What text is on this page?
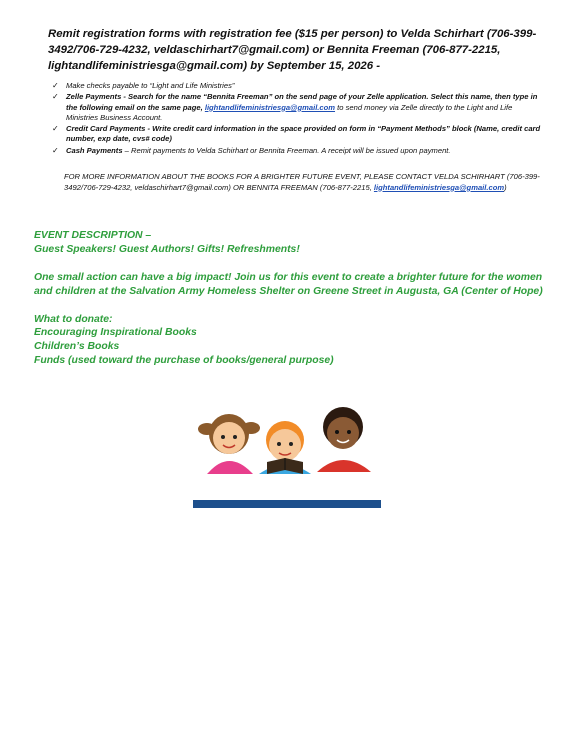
Remit registration forms with registration fee ($15 per person) to Velda Schirhart (706-399-3492/706-729-4232, veldaschirhart7@gmail.com) or Bennita Freeman (706-877-2215, lightandlifeministriesga@gmail.com) by September 15, 2026 -
✓ Make checks payable to “Light and Life Ministries”
✓ Zelle Payments - Search for the name “Bennita Freeman” on the send page of your Zelle application. Select this name, then type in the following email on the same page, lightandlifeministriesga@gmail.com to send money via Zelle directly to the Light and Life Ministries Business Account.
✓ Credit Card Payments - Write credit card information in the space provided on form in “Payment Methods” block (Name, credit card number, exp date, cvs# code)
✓ Cash Payments – Remit payments to Velda Schirhart or Bennita Freeman. A receipt will be issued upon payment.
FOR MORE INFORMATION ABOUT THE BOOKS FOR A BRIGHTER FUTURE EVENT, PLEASE CONTACT VELDA SCHIRHART (706-399-3492/706-729-4232, veldaschirhart7@gmail.com) OR BENNITA FREEMAN (706-877-2215, lightandlifeministriesga@gmail.com)
EVENT DESCRIPTION –
Guest Speakers! Guest Authors! Gifts! Refreshments!
One small action can have a big impact! Join us for this event to create a brighter future for the women and children at the Salvation Army Homeless Shelter on Greene Street in Augusta, GA (Center of Hope)
What to donate:
Encouraging Inspirational Books
Children’s Books
Funds (used toward the purchase of books/general purpose)
